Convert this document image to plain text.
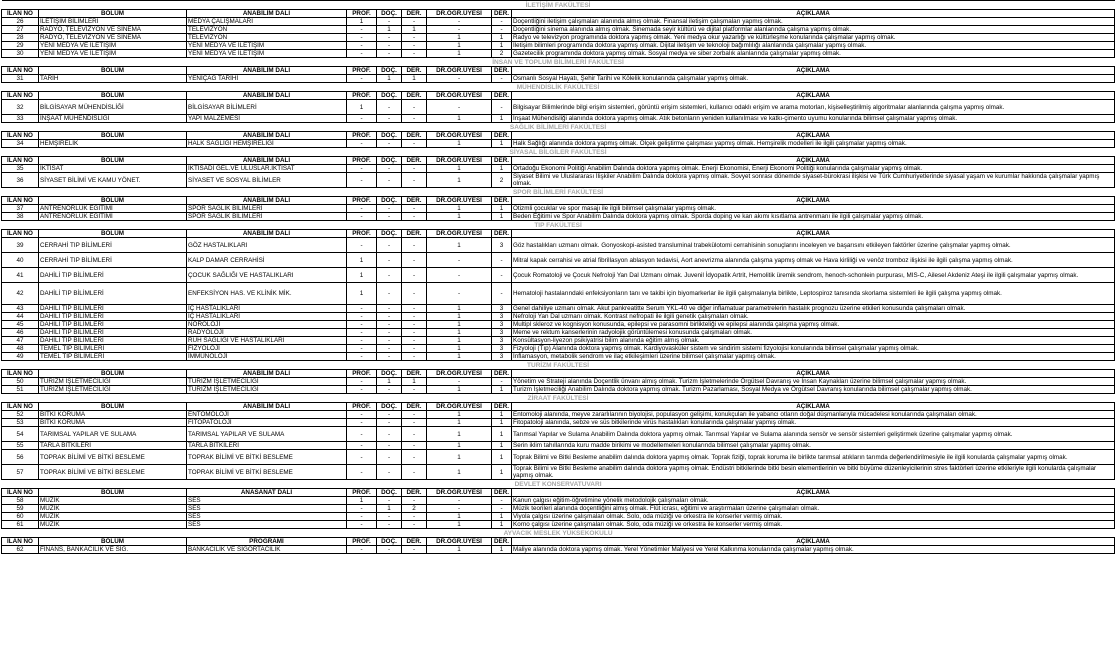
İLETİŞİM FAKÜLTESİ								
İLAN NO	BÖLÜM	ANABİLİM DALI	PROF.	DOÇ.	DER.	DR.ÖĞR.ÜYESİ	DER.	AÇIKLAMA
26	İLETİŞİM BİLİMLERİ	MEDYA ÇALIŞMALARI	1	-	-	-	-	Doçentliğini iletişim çalışmaları alanında almış olmak. Finansal iletişim çalışmaları yapmış olmak.
27	RADYO, TELEVİZYON VE SİNEMA	TELEVİZYON	-	1	1	-	-	Doçentliğini sinema alanında almış olmak. Sinemada seyir kültürü ve dijital platformlar alanlarında çalışma yapmış olmak.
28	RADYO, TELEVİZYON VE SİNEMA	TELEVİZYON	-	-	-	1	1	Radyo ve televizyon programında doktora yapmış olmak. Yeni medya okur yazarlığı ve kültürleşme konularında çalışmalar yapmış olmak.
29	YENİ MEDYA VE İLETİŞİM	YENİ MEDYA VE İLETİŞİM	-	-	-	1	1	İletişim bilimleri programında doktora yapmış olmak. Dijital iletişim ve teknoloji bağımlılığı alanlarında çalışmalar yapmış olmak.
30	YENİ MEDYA VE İLETİŞİM	YENİ MEDYA VE İLETİŞİM	-	-	-	1	2	Gazetecilik programında doktora yapmış olmak. Sosyal medya ve siber zorbalık alanlarında çalışmalar yapmış olmak.
İNSAN VE TOPLUM BİLİMLERİ FAKÜLTESİ								
İLAN NO	BÖLÜM	ANABİLİM DALI	PROF.	DOÇ.	DER.	DR.ÖĞR.ÜYESİ	DER.	AÇIKLAMA
31	TARİH	YENİÇAĞ TARİHİ	-	1	1	-	-	Osmanlı Sosyal Hayatı, Şehir Tarihi ve Kölelik konularında çalışmalar yapmış olmak.
MÜHENDİSLİK FAKÜLTESİ								
İLAN NO	BÖLÜM	ANABİLİM DALI	PROF.	DOÇ.	DER.	DR.ÖĞR.ÜYESİ	DER.	AÇIKLAMA
32	BİLGİSAYAR MÜHENDİSLİĞİ	BİLGİSAYAR BİLİMLERİ	1	-	-	-	-	Bilgisayar Bilimlerinde bilgi erişim sistemleri, görüntü erişim sistemleri, kullanıcı odaklı erişim ve arama motorları, kişiselleştirilmiş algoritmalar alanlarında çalışma yapmış olmak.
33	İNŞAAT MÜHENDİSLİĞİ	YAPI MALZEMESİ	-	-	-	1	1	İnşaat Mühendisliği alanında doktora yapmış olmak. Atık betonların yeniden kullanılması ve katkı-çimento uyumu konularında bilimsel çalışmalar yapmış olmak.
SAĞLIK BİLİMLERİ FAKÜLTESİ								
İLAN NO	BÖLÜM	ANABİLİM DALI	PROF.	DOÇ.	DER.	DR.ÖĞR.ÜYESİ	DER.	AÇIKLAMA
34	HEMŞİRELİK	HALK SAĞLIĞI HEMŞİRELİĞİ	-	-	-	1	1	Halk Sağlığı alanında doktora yapmış olmak. Ölçek geliştirme çalışması yapmış olmak. Hemşirelik modelleri ile ilgili çalışmalar yapmış olmak.
SİYASAL BİLGİLER FAKÜLTESİ								
İLAN NO	BÖLÜM	ANABİLİM DALI	PROF.	DOÇ.	DER.	DR.ÖĞR.ÜYESİ	DER.	AÇIKLAMA
35	İKTİSAT	İKTİSADİ GEL.VE ULUSLAR.İKTİSAT	-	-	-	1	1	Ortadoğu Ekonomi Politiği Anabilim Dalında doktora yapmış olmak. Enerji Ekonomisi, Enerji Ekonomi Politiği konularında çalışmalar yapmış olmak.
36	SİYASET BİLİMİ VE KAMU YÖNET.	SİYASET VE SOSYAL BİLİMLER	-	-	-	1	2	Siyaset Bilimi ve Uluslararası İlişkiler Anabilim Dalında doktora yapmış olmak. Sovyet sonrası dönemde siyaset-bürokrasi ilişkisi ve Türk Cumhuriyetlerinde siyasal yaşam ve kurumlar hakkında çalışmalar yapmış olmak.
SPOR BİLİMLERİ FAKÜLTESİ								
İLAN NO	BÖLÜM	ANABİLİM DALI	PROF.	DOÇ.	DER.	DR.ÖĞR.ÜYESİ	DER.	AÇIKLAMA
37	ANTRENÖRLÜK EĞİTİMİ	SPOR SAĞLIK BİLİMLERİ	-	-	-	1	1	Otizmli çocuklar ve spor masajı ile ilgili bilimsel çalışmalar yapmış olmak.
38	ANTRENÖRLÜK EĞİTİMİ	SPOR SAĞLIK BİLİMLERİ	-	-	-	1	1	Beden Eğitimi ve Spor Anabilim Dalında doktora yapmış olmak. Sporda doping ve kan akımı kısıtlama antrenmanı ile ilgili çalışmalar yapmış olmak.
TIP FAKÜLTESİ								
İLAN NO	BÖLÜM	ANABİLİM DALI	PROF.	DOÇ.	DER.	DR.ÖĞR.ÜYESİ	DER.	AÇIKLAMA
39	CERRAHİ TIP BİLİMLERİ	GÖZ HASTALIKLARI	-	-	-	1	3	Göz hastalıkları uzmanı olmak. Gonyoskopi-asisted transluminal trabekülotomi cerrahisinin sonuçlarını inceleyen ve başarısını etkileyen faktörler üzerine çalışmalar yapmış olmak.
40	CERRAHİ TIP BİLİMLERİ	KALP DAMAR CERRAHİSİ	1	-	-	-	-	Mitral kapak cerrahisi ve atrial fibrillasyon ablasyon tedavisi, Aort anevrizma alanında çalışma yapmış olmak ve Hava kirliliği ve venöz tromboz ilişkisi ile ilgili çalışma yapmış olmak.
41	DAHİLİ TIP BİLİMLERİ	ÇOCUK SAĞLIĞI VE HASTALIKLARI	1	-	-	-	-	Çocuk Romatoloji ve Çocuk Nefroloji Yan Dal Uzmanı olmak. Juvenil İdyopatik Artrit, Hemolitik üremik sendrom, henoch-schonlein purpurası, MIS-C, Ailesel Akdeniz Ateşi ile ilgili çalışmalar yapmış olmak.
42	DAHİLİ TIP BİLİMLERİ	ENFEKSİYON HAS. VE KLİNİK MİK.	1	-	-	-	-	Hematoloji hastalarındaki enfeksiyonların tanı ve takibi için biyomarkerlar ile ilgili çalışmalarıyla birlikte, Leptospiroz tanısında skorlama sistemleri ile ilgili çalışma yapmış olmak.
43	DAHİLİ TIP BİLİMLERİ	İÇ HASTALIKLARI	-	-	-	1	3	Genel dahiliye uzmanı olmak. Akut pankreatitte Serum YKL-40 ve diğer inflamatuar parametrelerin hastalık prognozu üzerine etkileri konusunda çalışmaları olmak.
44	DAHİLİ TIP BİLİMLERİ	İÇ HASTALIKLARI	-	-	-	1	3	Nefroloji Yan Dal uzmanı olmak. Kontrast nefropati ile ilgili genetik çalışmaları olmak.
45	DAHİLİ TIP BİLİMLERİ	NÖROLOJİ	-	-	-	1	3	Multipl skleroz ve kognisyon konusunda, epilepsi ve parasomni birlikteliği ve epilepsi alanında çalışma yapmış olmak.
46	DAHİLİ TIP BİLİMLERİ	RADYOLOJİ	-	-	-	1	3	Meme ve rektum kanserlerinin radyolojik görüntülemesi konusunda çalışmaları olmak.
47	DAHİLİ TIP BİLİMLERİ	RUH SAĞLIĞI VE HASTALIKLARI	-	-	-	1	3	Konsültasyon-liyezon psikiyatrisi bilim alanında eğitim almış olmak.
48	TEMEL TIP BİLİMLERİ	FİZYOLOJİ	-	-	-	1	3	Fizyoloji (Tıp) Alanında doktora yapmış olmak. Kardiyovasküler sistem ve sindirim sistemi fizyolojisi konularında bilimsel çalışmalar yapmış olmak.
49	TEMEL TIP BİLİMLERİ	İMMÜNOLOJİ	-	-	-	1	3	İnflamasyon, metabolik sendrom ve ilaç etkileşimleri üzerine bilimsel çalışmalar yapmış olmak.
TURİZM FAKÜLTESİ								
İLAN NO	BÖLÜM	ANABİLİM DALI	PROF.	DOÇ.	DER.	DR.ÖĞR.ÜYESİ	DER.	AÇIKLAMA
50	TURİZM İŞLETMECİLİĞİ	TURİZM İŞLETMECİLİĞİ	-	1	1	-	-	Yönetim ve Strateji alanında Doçentlik ünvanı almış olmak. Turizm İşletmelerinde Örgütsel Davranış ve İnsan Kaynakları üzerine bilimsel çalışmalar yapmış olmak.
51	TURİZM İŞLETMECİLİĞİ	TURİZM İŞLETMECİLİĞİ	-	-	-	1	1	Turizm İşletmeciliği Anabilim Dalında doktora yapmış olmak. Turizm Pazarlaması, Sosyal Medya ve Örgütsel Davranış konularında bilimsel çalışmalar yapmış olmak.
ZİRAAT FAKÜLTESİ								
İLAN NO	BÖLÜM	ANABİLİM DALI	PROF.	DOÇ.	DER.	DR.ÖĞR.ÜYESİ	DER.	AÇIKLAMA
52	BİTKİ KORUMA	ENTOMOLOJİ	-	-	-	1	1	Entomoloji alanında, meyve zararlılarının biyolojisi, populasyon gelişimi, konukçuları ile yabancı otların doğal düşmanlarıyla mücadelesi konularında çalışmaları olmak.
53	BİTKİ KORUMA	FİTOPATOLOJİ	-	-	-	1	1	Fitopatoloji alanında, sebze ve süs bitkilerinde virüs hastalıkları konularında çalışmalar yapmış olmak.
54	TARIMSAL YAPILAR VE SULAMA	TARIMSAL YAPILAR VE SULAMA	-	-	-	1	1	Tarımsal Yapılar ve Sulama Anabilim Dalında doktora yapmış olmak. Tarımsal Yapılar ve Sulama alanında sensör ve sensör sistemleri geliştirmek üzerine çalışmalar yapmış olmak.
55	TARLA BİTKİLERİ	TARLA BİTKİLERİ	-	-	-	1	1	Serin iklim tahıllarında kuru madde birikimi ve modellemeleri konularında bilimsel çalışmalar yapmış olmak.
56	TOPRAK BİLİMİ VE BİTKİ BESLEME	TOPRAK BİLİMİ VE BİTKİ BESLEME	-	-	-	1	1	Toprak Bilimi ve Bitki Besleme anabilim dalında doktora yapmış olmak. Toprak fiziği, toprak koruma ile birlikte tarımsal atıkların tarımda değerlendirilmesiyle ile ilgili konularda çalışmalar yapmış olmak.
57	TOPRAK BİLİMİ VE BİTKİ BESLEME	TOPRAK BİLİMİ VE BİTKİ BESLEME	-	-	-	1	1	Toprak Bilimi ve Bitki Besleme anabilim dalında doktora yapmış olmak. Endüstri bitkilerinde bitki besin elementlerinin ve bitki büyüme düzenleyicilerinin stres faktörleri üzerine etkileriyle ilgili konularda çalışmalar yapmış olmak.
DEVLET KONSERVATUVARI								
İLAN NO	BÖLÜM	ANASANAT DALI	PROF.	DOÇ.	DER.	DR.ÖĞR.ÜYESİ	DER.	AÇIKLAMA
58	MÜZİK	SES	1	-	-	-	-	Kanun çalgısı eğitim-öğretimine yönelik metodolojik çalışmaları olmak.
59	MÜZİK	SES	-	1	2	-	-	Müzik teorileri alanında doçentliğini almış olmak. Flüt icrası, eğitimi ve araştırmaları üzerine çalışmaları olmak.
60	MÜZİK	SES	-	-	-	1	1	Viyola çalgısı üzerine çalışmaları olmak. Solo, oda müziği ve orkestra ile konserler vermiş olmak.
61	MÜZİK	SES	-	-	-	1	1	Korno çalgısı üzerine çalışmaları olmak. Solo, oda müziği ve orkestra ile konserler vermiş olmak.
AYVACIK MESLEK YÜKSEKOKULU								
İLAN NO	BÖLÜM	PROGRAMI	PROF.	DOÇ.	DER.	DR.ÖĞR.ÜYESİ	DER.	AÇIKLAMA
62	FİNANS, BANKACILIK VE SİG.	BANKACILIK VE SİGORTACILIK	-	-	-	1	1	Maliye alanında doktora yapmış olmak. Yerel Yönetimler Maliyesi ve Yerel Kalkınma konularında çalışmalar yapmış olmak.
